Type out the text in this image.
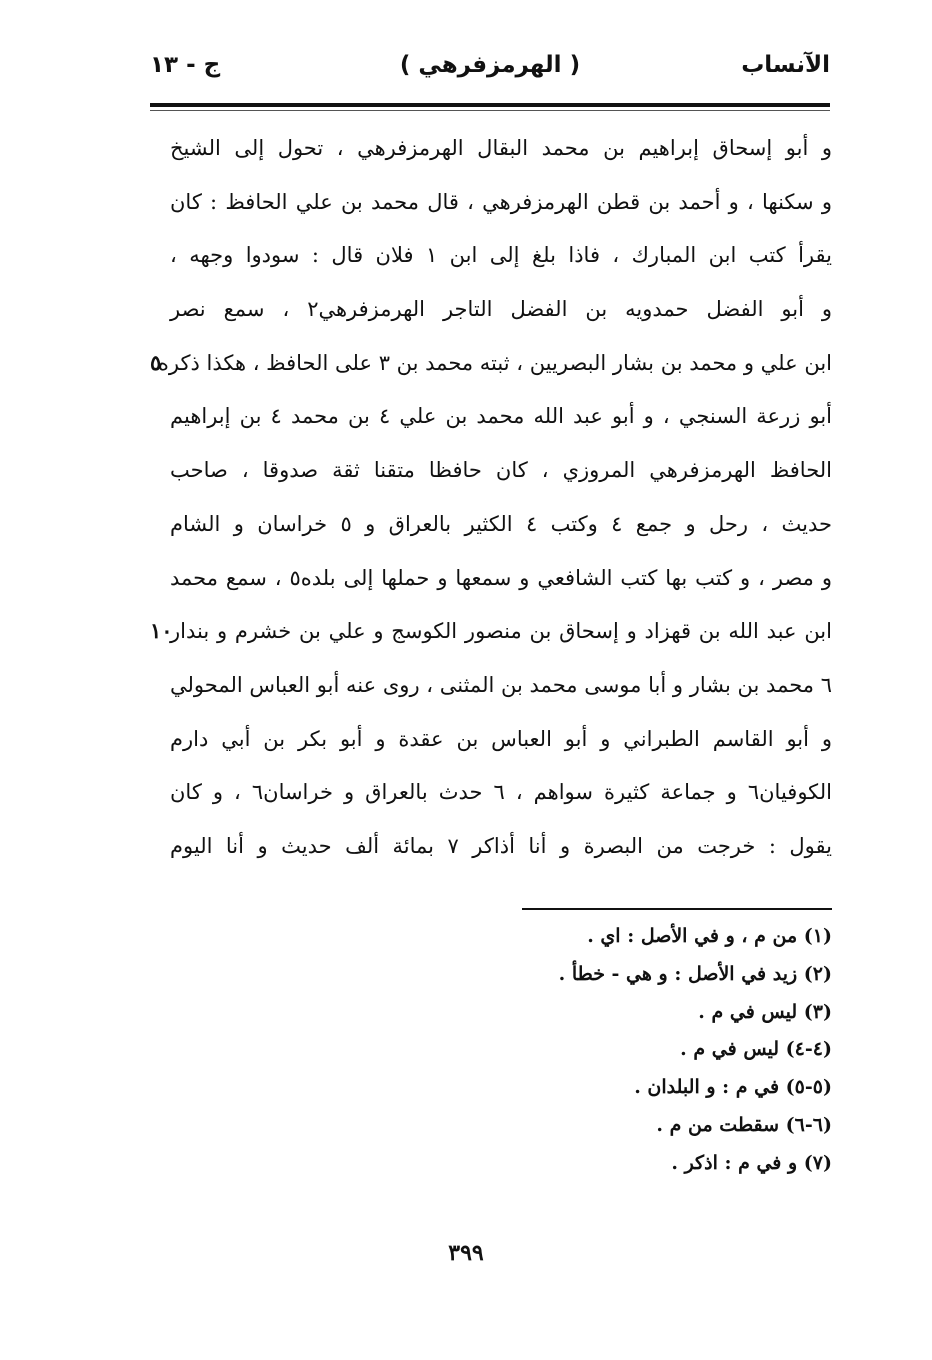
الآنساب
( الهرمزفرهي )
ج - ١٣
و أبو إسحاق إبراهيم بن محمد البقال الهرمزفرهي ، تحول إلى الشيخ
و سكنها ، و أحمد بن قطن الهرمزفرهي ، قال محمد بن علي الحافظ : كان
يقرأ كتب ابن المبارك ، فاذا بلغ إلى ابن ١ فلان قال : سودوا وجهه ،
و أبو الفضل حمدويه بن الفضل التاجر الهرمزفرهي٢ ، سمع نصر
ابن علي و محمد بن بشار البصريين ، ثبته محمد بن ٣ على الحافظ ، هكذا ذكره
٥
أبو زرعة السنجي ، و أبو عبد الله محمد بن علي ٤ بن محمد ٤ بن إبراهيم
الحافظ الهرمزفرهي المروزي ، كان حافظا متقنا ثقة صدوقا ، صاحب
حديث ، رحل و جمع ٤ وكتب ٤ الكثير بالعراق و ٥ خراسان و الشام
و مصر ، و كتب بها كتب الشافعي و سمعها و حملها إلى بلده٥ ، سمع محمد
ابن عبد الله بن قهزاد و إسحاق بن منصور الكوسج و علي بن خشرم و بندار
١٠
٦ محمد بن بشار و أبا موسى محمد بن المثنى ، روى عنه أبو العباس المحولي
و أبو القاسم الطبراني و أبو العباس بن عقدة و أبو بكر بن أبي دارم
الكوفيان٦ و جماعة كثيرة سواهم ، ٦ حدث بالعراق و خراسان٦ ، و كان
يقول : خرجت من البصرة و أنا أذاكر ٧ بمائة ألف حديث و أنا اليوم
(١) من م ، و في الأصل : اي .
(٢) زيد في الأصل : و هي - خطأ .
(٣) ليس في م .
(٤-٤) ليس في م .
(٥-٥) في م : و البلدان .
(٦-٦) سقطت من م .
(٧) و في م : اذكر .
٣٩٩
